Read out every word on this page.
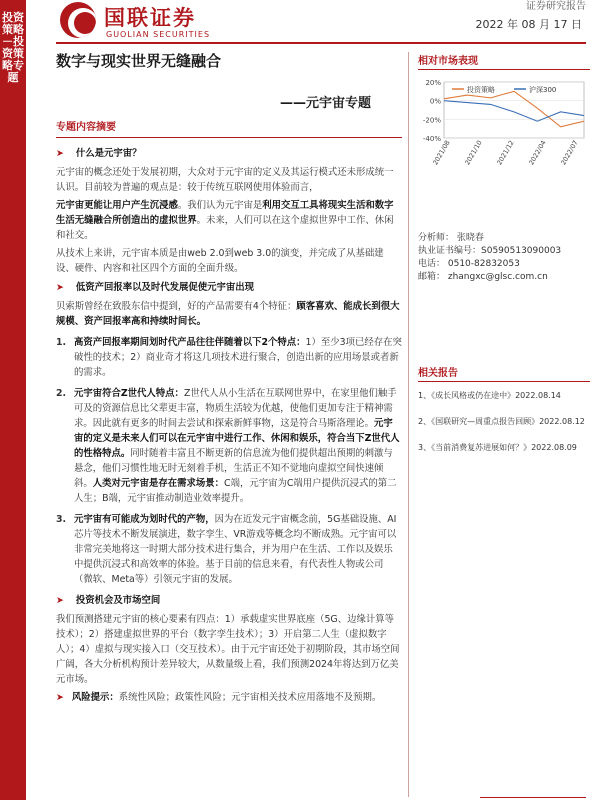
投资策略－投资策略专题
国联证券
GUOLIAN SECURITIES
证券研究报告
2022 年 08 月 17 日
数字与现实世界无缝融合
——元宇宙专题
专题内容摘要
➤ 什么是元宇宙？

元宇宙的概念还处于发展初期，大众对于元宇宙的定义及其运行模式还未形成统一认识。目前较为普遍的观点是：较于传统互联网使用体验而言，

元宇宙更能让用户产生沉浸感。我们认为元宇宙是利用交互工具将现实生活和数字生活无缝融合所创造出的虚拟世界。未来，人们可以在这个虚拟世界中工作、休闲和社交。

从技术上来讲，元宇宙本质是由web 2.0到web 3.0的演变，并完成了从基础建设、硬件、内容和社区四个方面的全面升级。

➤ 低资产回报率以及时代发展促使元宇宙出现

贝索斯曾经在致股东信中提到，好的产品需要有4个特征：顾客喜欢、能成长到很大规模、资产回报率高和持续时间长。

1. 高资产回报率期间划时代产品往往伴随着以下2个特点：1）至少3项已经存在突破性的技术；2）商业奇才将这几项技术进行聚合，创造出新的应用场景或者新的需求。
2. 元宇宙符合Z世代人特点：Z世代人从小生活在互联网世界中，在家里他们触手可及的资源信息比父辈更丰富，物质生活较为优越，使他们更加专注于精神需求。因此就有更多的时间去尝试和探索新鲜事物，这是符合马斯洛理论。元宇宙的定义是未来人们可以在元宇宙中进行工作、休闲和娱乐，符合当下Z世代人的性格特点。同时随着丰富且不断更新的信息流为他们提供超出预期的刺激与悬念，他们习惯性地无时无刻着手机，生活正不知不觉地向虚拟空间快速倾斜。人类对元宇宙是存在需求场景：C端，元宇宙为C端用户提供沉浸式的第二人生；B端，元宇宙推动制造业效率提升。
3. 元宇宙有可能成为划时代的产物，因为在近发元宇宙概念前，5G基础设施、AI芯片等技术不断发展演进，数字孪生、VR游戏等概念均不断成熟。元宇宙可以非常完美地将这一时期大部分技术进行集合，并为用户在生活、工作以及娱乐中提供沉浸式和高效率的体验。基于目前的信息来看，有代表性人物或公司（微软、Meta等）引领元宇宙的发展。
➤ 投资机会及市场空间

我们预测搭建元宇宙的核心要素有四点：1）承载虚实世界底座（5G、边缘计算等技术）；2）搭建虚拟世界的平台（数字孪生技术）；3）开启第二人生（虚拟数字人）；4）虚拟与现实接入口（交互技术）。由于元宇宙还处于初期阶段，其市场空间广阔，各大分析机构预计差异较大，从数量级上看，我们预测2024年将达到万亿美元市场。

➤ 风险提示：系统性风险；政策性风险；元宇宙相关技术应用落地不及预期。

相对市场表现
20%
0%
-20%
-40%
2021/08 2021/10 2021/12 2022/04 2022/07
投资策略	沪深300
分析师： 张晓春
执业证书编号：S0590513090003
电话： 0510-82832053
邮箱： zhangxc@glsc.com.cn
相关报告
1、《成长风格或仍在途中》2022.08.14
2、《国联研究—周重点报告回顾》2022.08.12
3、《当前消费复苏进展如何？》2022.08.09
